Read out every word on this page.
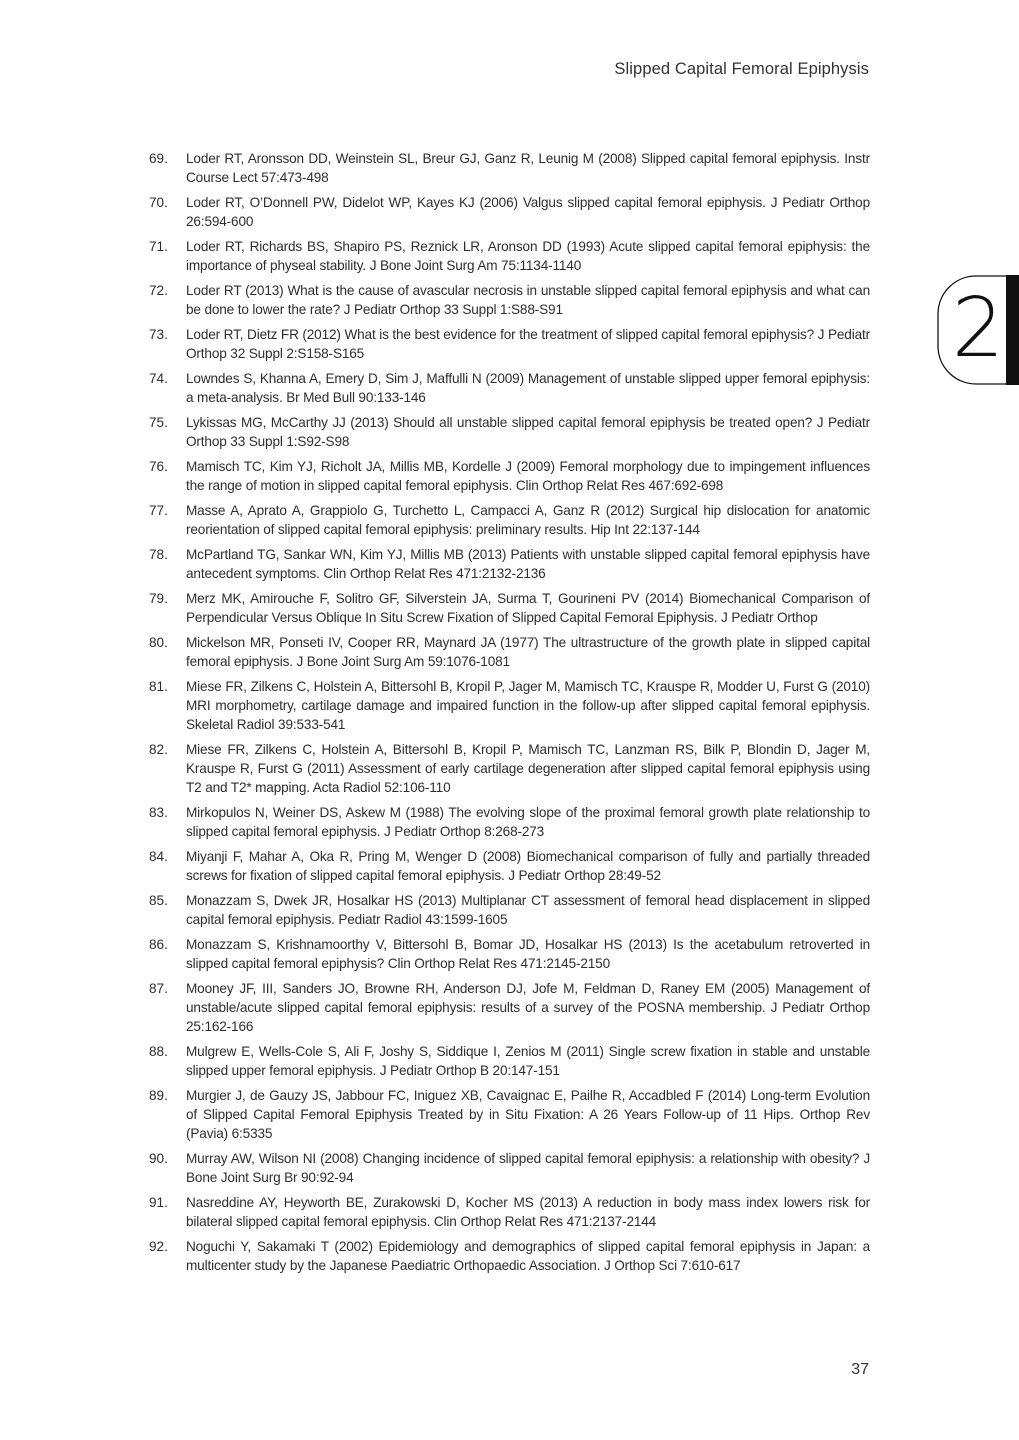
Slipped Capital Femoral Epiphysis
2
69.	Loder RT, Aronsson DD, Weinstein SL, Breur GJ, Ganz R, Leunig M (2008) Slipped capital femoral epiphysis. Instr Course Lect 57:473-498
70.	Loder RT, O’Donnell PW, Didelot WP, Kayes KJ (2006) Valgus slipped capital femoral epiphysis. J Pediatr Orthop 26:594-600
71.	Loder RT, Richards BS, Shapiro PS, Reznick LR, Aronson DD (1993) Acute slipped capital femoral epiphysis: the importance of physeal stability. J Bone Joint Surg Am 75:1134-1140
72.	Loder RT (2013) What is the cause of avascular necrosis in unstable slipped capital femoral epiphysis and what can be done to lower the rate? J Pediatr Orthop 33 Suppl 1:S88-S91
73.	Loder RT, Dietz FR (2012) What is the best evidence for the treatment of slipped capital femoral epiphysis? J Pediatr Orthop 32 Suppl 2:S158-S165
74.	Lowndes S, Khanna A, Emery D, Sim J, Maffulli N (2009) Management of unstable slipped upper femoral epiphysis: a meta-analysis. Br Med Bull 90:133-146
75.	Lykissas MG, McCarthy JJ (2013) Should all unstable slipped capital femoral epiphysis be treated open? J Pediatr Orthop 33 Suppl 1:S92-S98
76.	Mamisch TC, Kim YJ, Richolt JA, Millis MB, Kordelle J (2009) Femoral morphology due to impingement influences the range of motion in slipped capital femoral epiphysis. Clin Orthop Relat Res 467:692-698
77.	Masse A, Aprato A, Grappiolo G, Turchetto L, Campacci A, Ganz R (2012) Surgical hip dislocation for anatomic reorientation of slipped capital femoral epiphysis: preliminary results. Hip Int 22:137-144
78.	McPartland TG, Sankar WN, Kim YJ, Millis MB (2013) Patients with unstable slipped capital femoral epiphysis have antecedent symptoms. Clin Orthop Relat Res 471:2132-2136
79.	Merz MK, Amirouche F, Solitro GF, Silverstein JA, Surma T, Gourineni PV (2014) Biomechanical Comparison of Perpendicular Versus Oblique In Situ Screw Fixation of Slipped Capital Femoral Epiphysis. J Pediatr Orthop
80.	Mickelson MR, Ponseti IV, Cooper RR, Maynard JA (1977) The ultrastructure of the growth plate in slipped capital femoral epiphysis. J Bone Joint Surg Am 59:1076-1081
81.	Miese FR, Zilkens C, Holstein A, Bittersohl B, Kropil P, Jager M, Mamisch TC, Krauspe R, Modder U, Furst G (2010) MRI morphometry, cartilage damage and impaired function in the follow-up after slipped capital femoral epiphysis. Skeletal Radiol 39:533-541
82.	Miese FR, Zilkens C, Holstein A, Bittersohl B, Kropil P, Mamisch TC, Lanzman RS, Bilk P, Blondin D, Jager M, Krauspe R, Furst G (2011) Assessment of early cartilage degeneration after slipped capital femoral epiphysis using T2 and T2* mapping. Acta Radiol 52:106-110
83.	Mirkopulos N, Weiner DS, Askew M (1988) The evolving slope of the proximal femoral growth plate relationship to slipped capital femoral epiphysis. J Pediatr Orthop 8:268-273
84.	Miyanji F, Mahar A, Oka R, Pring M, Wenger D (2008) Biomechanical comparison of fully and partially threaded screws for fixation of slipped capital femoral epiphysis. J Pediatr Orthop 28:49-52
85.	Monazzam S, Dwek JR, Hosalkar HS (2013) Multiplanar CT assessment of femoral head displacement in slipped capital femoral epiphysis. Pediatr Radiol 43:1599-1605
86.	Monazzam S, Krishnamoorthy V, Bittersohl B, Bomar JD, Hosalkar HS (2013) Is the acetabulum retroverted in slipped capital femoral epiphysis? Clin Orthop Relat Res 471:2145-2150
87.	Mooney JF, III, Sanders JO, Browne RH, Anderson DJ, Jofe M, Feldman D, Raney EM (2005) Management of unstable/acute slipped capital femoral epiphysis: results of a survey of the POSNA membership. J Pediatr Orthop 25:162-166
88.	Mulgrew E, Wells-Cole S, Ali F, Joshy S, Siddique I, Zenios M (2011) Single screw fixation in stable and unstable slipped upper femoral epiphysis. J Pediatr Orthop B 20:147-151
89.	Murgier J, de Gauzy JS, Jabbour FC, Iniguez XB, Cavaignac E, Pailhe R, Accadbled F (2014) Long-term Evolution of Slipped Capital Femoral Epiphysis Treated by in Situ Fixation: A 26 Years Follow-up of 11 Hips. Orthop Rev (Pavia) 6:5335
90.	Murray AW, Wilson NI (2008) Changing incidence of slipped capital femoral epiphysis: a relationship with obesity? J Bone Joint Surg Br 90:92-94
91.	Nasreddine AY, Heyworth BE, Zurakowski D, Kocher MS (2013) A reduction in body mass index lowers risk for bilateral slipped capital femoral epiphysis. Clin Orthop Relat Res 471:2137-2144
92.	Noguchi Y, Sakamaki T (2002) Epidemiology and demographics of slipped capital femoral epiphysis in Japan: a multicenter study by the Japanese Paediatric Orthopaedic Association. J Orthop Sci 7:610-617
37
